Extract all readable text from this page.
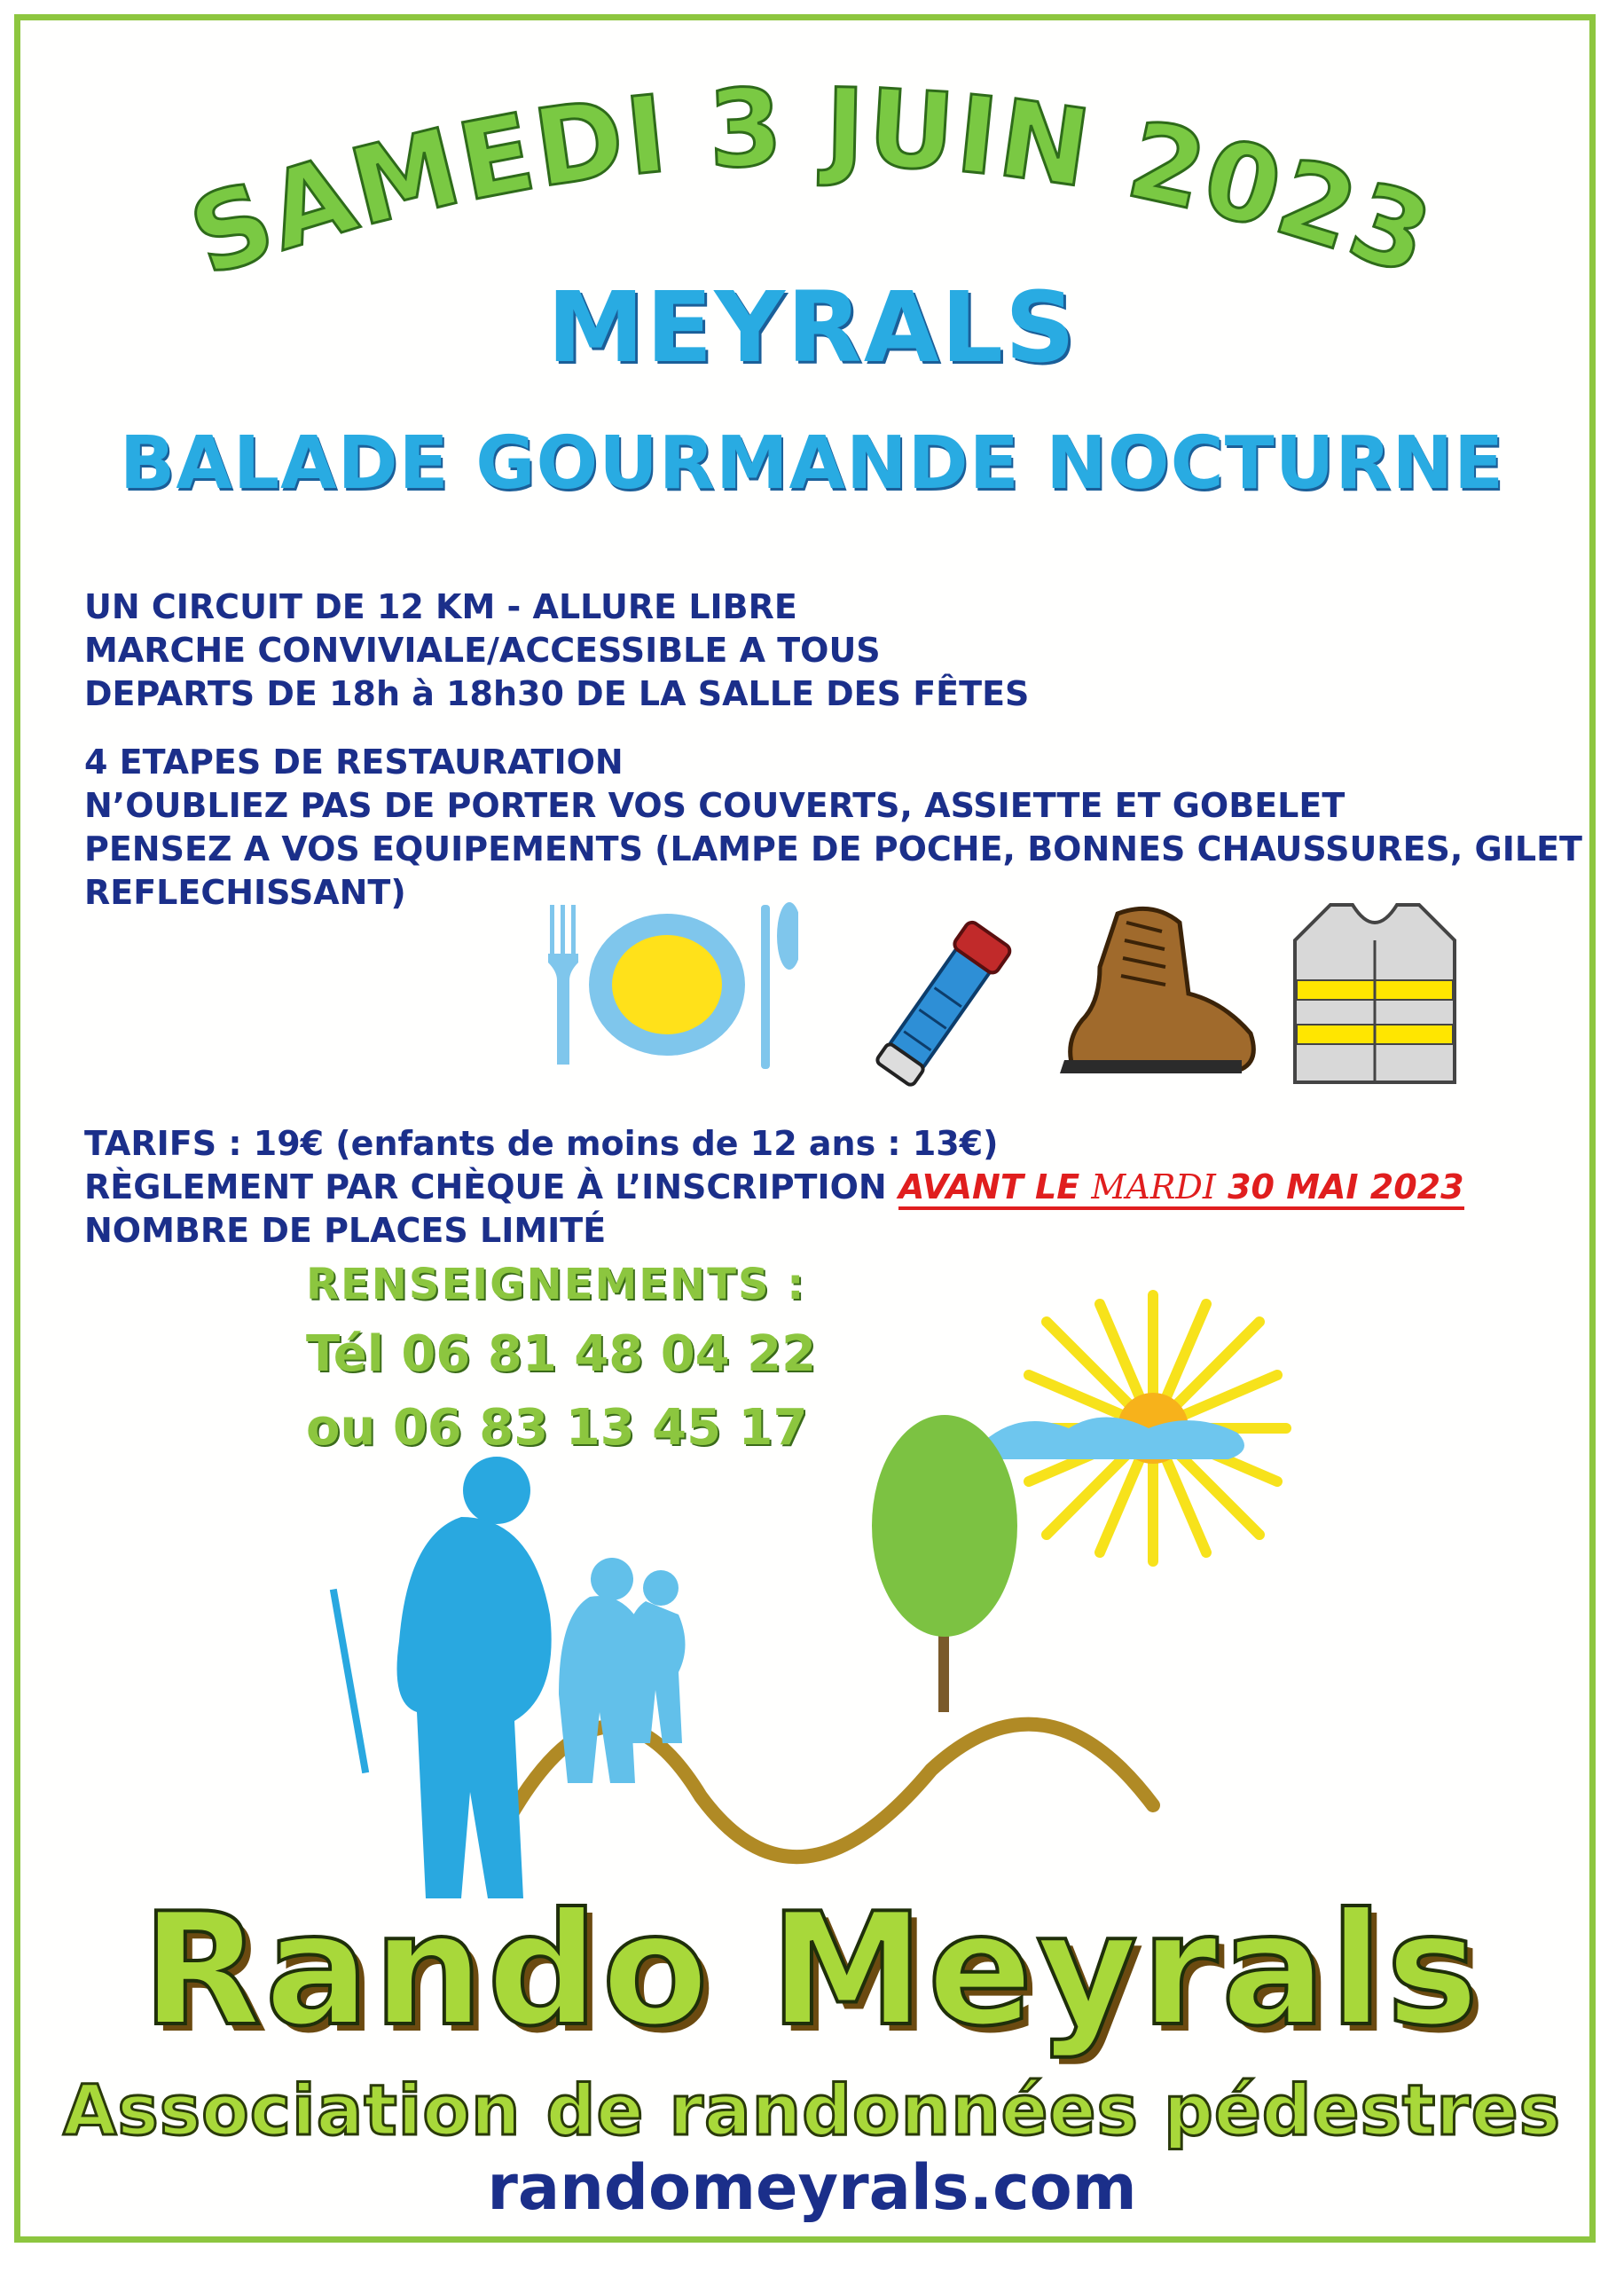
SAMEDI 3 JUIN 2023
MEYRALS
BALADE GOURMANDE NOCTURNE
UN CIRCUIT DE 12 KM - ALLURE LIBRE
MARCHE CONVIVIALE/ACCESSIBLE A TOUS
DEPARTS DE 18h à 18h30 DE LA SALLE DES FÊTES
4 ETAPES DE RESTAURATION
N’OUBLIEZ PAS DE PORTER VOS COUVERTS, ASSIETTE ET GOBELET
PENSEZ A VOS EQUIPEMENTS (LAMPE DE POCHE, BONNES CHAUSSURES, GILET
REFLECHISSANT)
TARIFS : 19€ (enfants de moins de 12 ans : 13€)
RÈGLEMENT PAR CHÈQUE À L’INSCRIPTION AVANT LE MARDI 30 MAI 2023
NOMBRE DE PLACES LIMITÉ
RENSEIGNEMENTS :
Tél 06 81 48 04 22
ou 06 83 13 45 17
Rando Meyrals
Association de randonnées pédestres
randomeyrals.com
